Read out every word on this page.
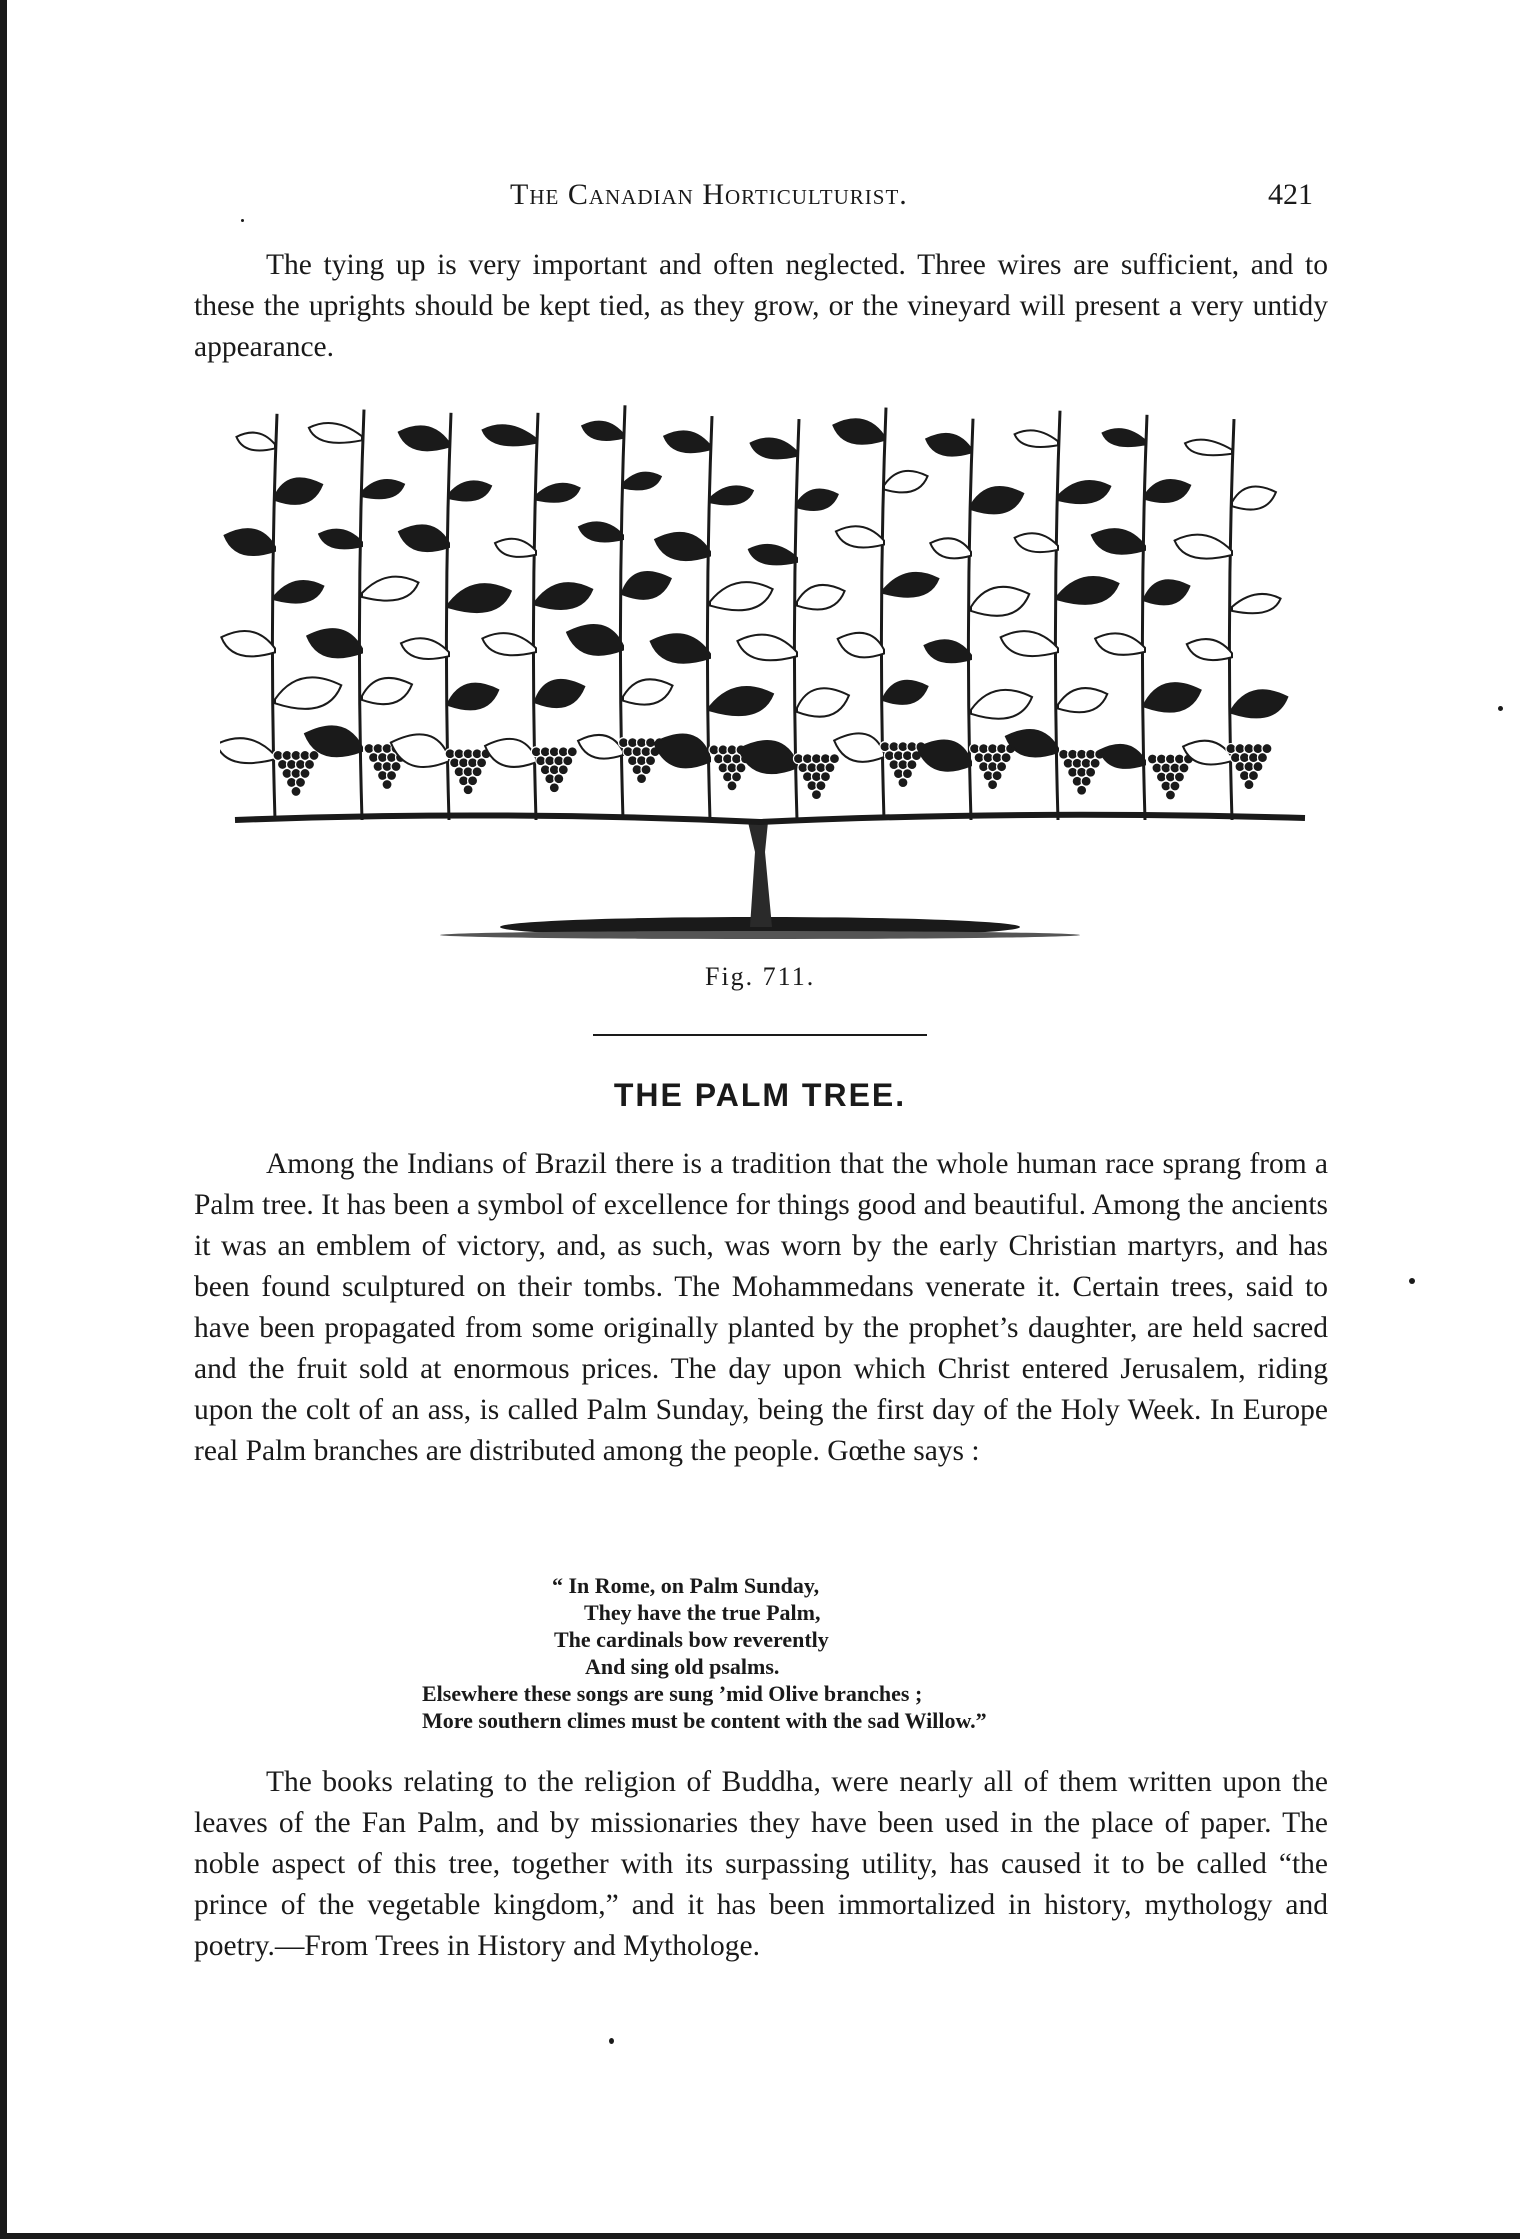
The Canadian Horticulturist.	421

The tying up is very important and often neglected. Three wires are sufficient, and to these the uprights should be kept tied, as they grow, or the vineyard will present a very untidy appearance.

Fig. 711.
THE PALM TREE.

Among the Indians of Brazil there is a tradition that the whole human race sprang from a Palm tree. It has been a symbol of excellence for things good and beautiful. Among the ancients it was an emblem of victory, and, as such, was worn by the early Christian martyrs, and has been found sculptured on their tombs. The Mohammedans venerate it. Certain trees, said to have been propagated from some originally planted by the prophet’s daughter, are held sacred and the fruit sold at enormous prices. The day upon which Christ entered Jerusalem, riding upon the colt of an ass, is called Palm Sunday, being the first day of the Holy Week. In Europe real Palm branches are distributed among the people. Gœthe says :

“ In Rome, on Palm Sunday,
They have the true Palm,
The cardinals bow reverently
And sing old psalms.
Elsewhere these songs are sung ’mid Olive branches ;
More southern climes must be content with the sad Willow.”

The books relating to the religion of Buddha, were nearly all of them written upon the leaves of the Fan Palm, and by missionaries they have been used in the place of paper. The noble aspect of this tree, together with its surpassing utility, has caused it to be called “the prince of the vegetable kingdom,” and it has been immortalized in history, mythology and poetry.—From Trees in History and Mythologe.
